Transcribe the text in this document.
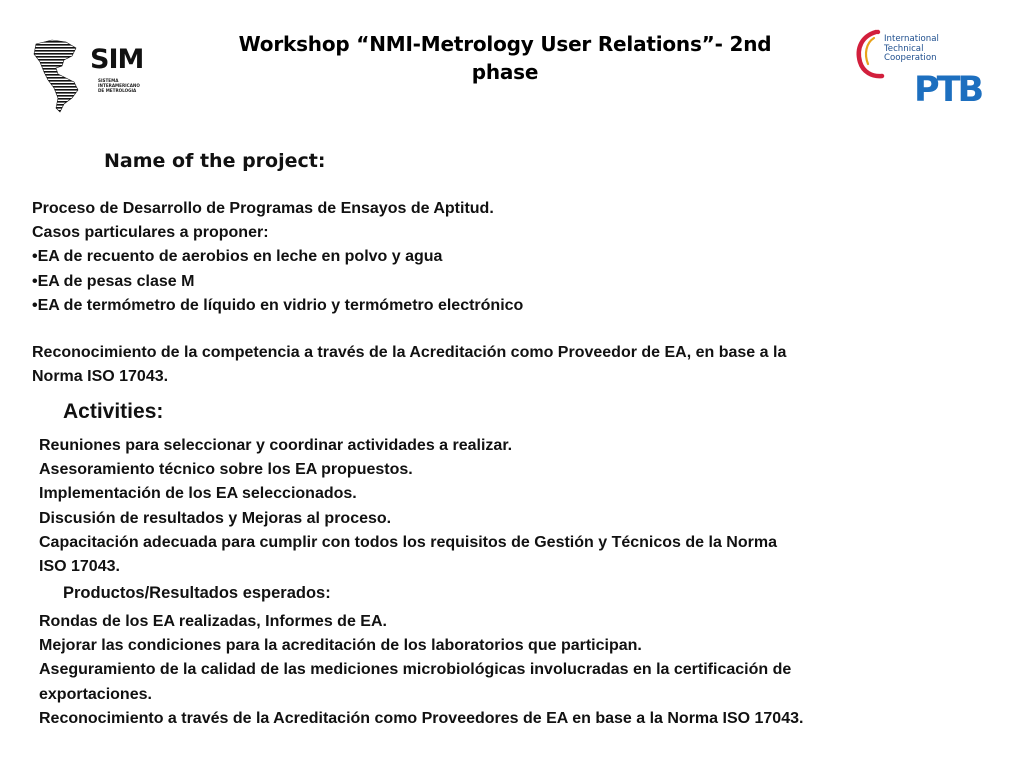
SIM
SISTEMA
INTERAMERICANO
DE METROLOGIA
Workshop “NMI-Metrology User Relations”- 2nd
phase
International
Technical
Cooperation
PTB
Name of the project:
Proceso de Desarrollo de Programas de Ensayos de Aptitud.
Casos particulares a proponer:
•EA de recuento de aerobios en leche en polvo y agua
•EA de pesas clase M
•EA de termómetro de líquido en vidrio y termómetro electrónico
Reconocimiento de la competencia a través de la Acreditación como Proveedor de EA, en base a la
Norma ISO 17043.
Activities:
Reuniones para seleccionar y coordinar actividades a realizar.
Asesoramiento técnico sobre los EA propuestos.
Implementación de los EA seleccionados.
Discusión de resultados y Mejoras al proceso.
Capacitación adecuada para cumplir con todos los requisitos de Gestión y Técnicos de la Norma
ISO 17043.
Productos/Resultados esperados:
Rondas de los EA realizadas, Informes de EA.
Mejorar las condiciones para la acreditación de los laboratorios que participan.
Aseguramiento de la calidad de las mediciones microbiológicas involucradas en la certificación de
exportaciones.
Reconocimiento a través de la Acreditación como Proveedores de EA en base a la Norma ISO 17043.
